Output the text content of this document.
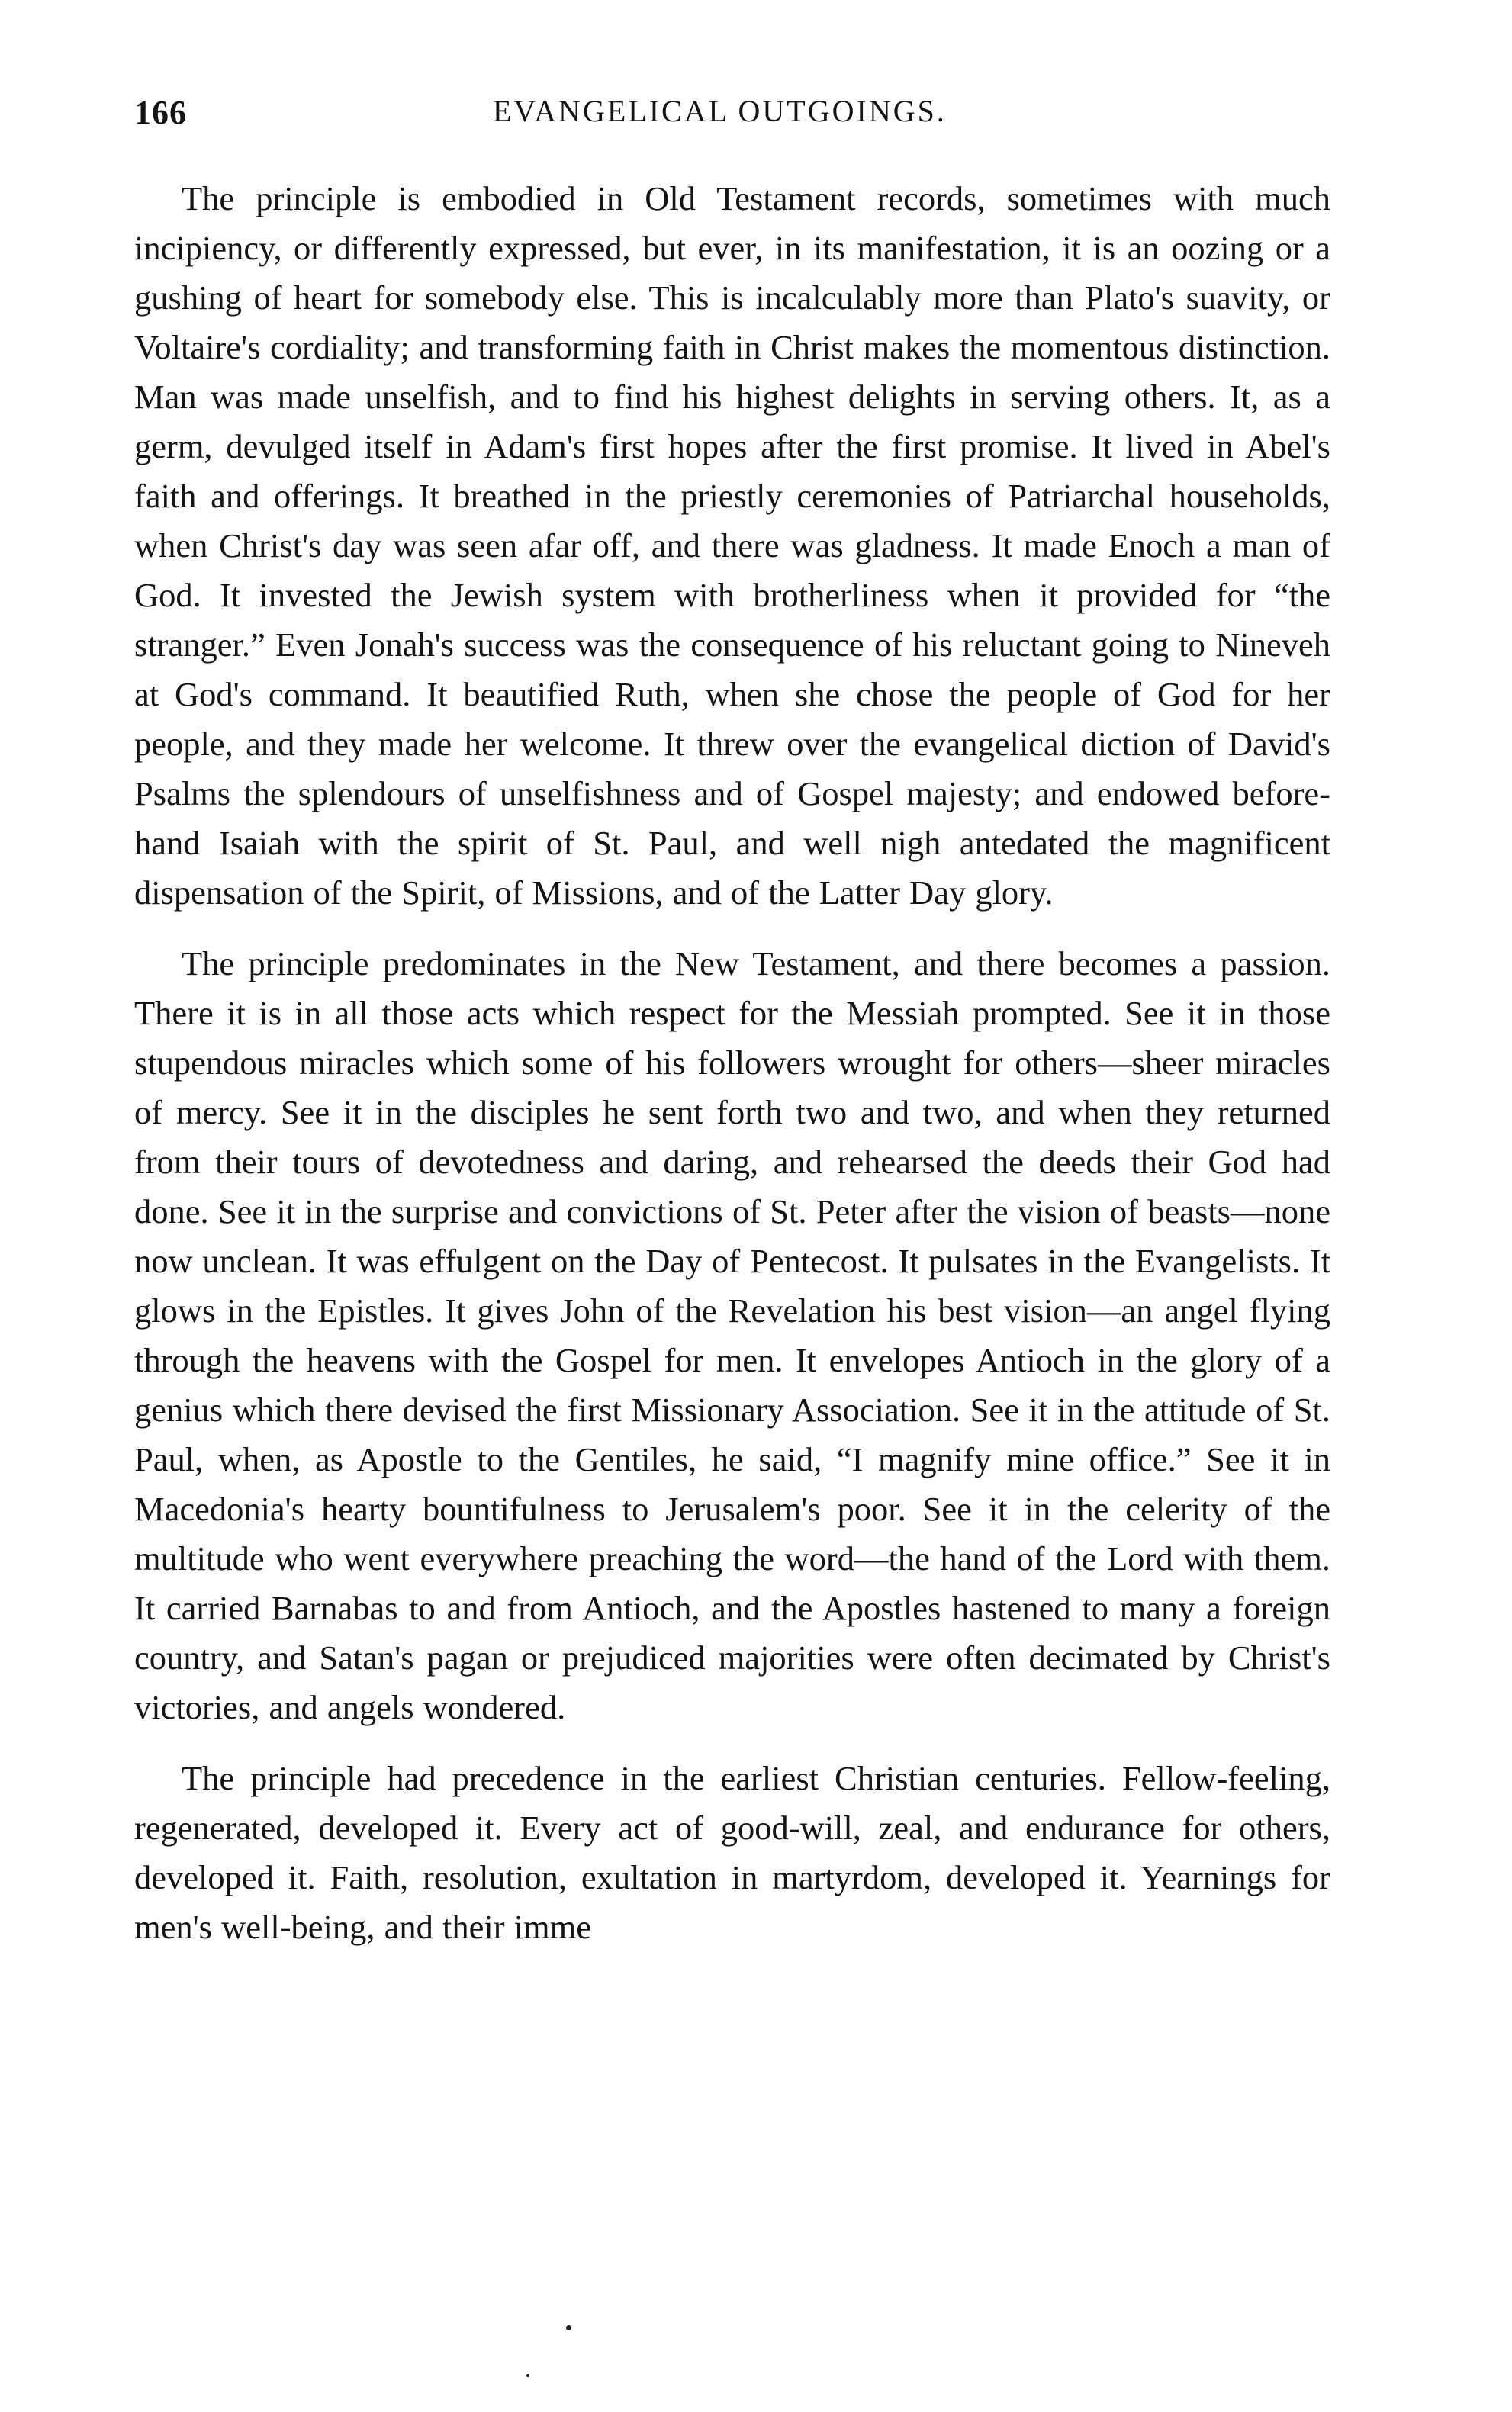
166	EVANGELICAL OUTGOINGS.

The principle is embodied in Old Testament records, sometimes with much incipiency, or differently expressed, but ever, in its manifestation, it is an oozing or a gushing of heart for somebody else. This is incalculably more than Plato's suavity, or Voltaire's cordiality; and transforming faith in Christ makes the momentous distinction. Man was made unselfish, and to find his highest delights in serving others. It, as a germ, devulged itself in Adam's first hopes after the first promise. It lived in Abel's faith and offerings. It breathed in the priestly ceremonies of Patriarchal households, when Christ's day was seen afar off, and there was gladness. It made Enoch a man of God. It invested the Jewish system with brotherliness when it provided for “the stranger.” Even Jonah's success was the consequence of his reluctant going to Nineveh at God's command. It beautified Ruth, when she chose the people of God for her people, and they made her welcome. It threw over the evangelical diction of David's Psalms the splendours of unselfishness and of Gospel majesty; and endowed before-hand Isaiah with the spirit of St. Paul, and well nigh antedated the magnificent dispensation of the Spirit, of Missions, and of the Latter Day glory.

The principle predominates in the New Testament, and there becomes a passion. There it is in all those acts which respect for the Messiah prompted. See it in those stupendous miracles which some of his followers wrought for others—sheer miracles of mercy. See it in the disciples he sent forth two and two, and when they returned from their tours of devotedness and daring, and rehearsed the deeds their God had done. See it in the surprise and convictions of St. Peter after the vision of beasts—none now unclean. It was effulgent on the Day of Pentecost. It pulsates in the Evangelists. It glows in the Epistles. It gives John of the Revelation his best vision—an angel flying through the heavens with the Gospel for men. It envelopes Antioch in the glory of a genius which there devised the first Missionary Association. See it in the attitude of St. Paul, when, as Apostle to the Gentiles, he said, “I magnify mine office.” See it in Macedonia's hearty bountifulness to Jerusalem's poor. See it in the celerity of the multitude who went everywhere preaching the word—the hand of the Lord with them. It carried Barnabas to and from Antioch, and the Apostles hastened to many a foreign country, and Satan's pagan or prejudiced majorities were often decimated by Christ's victories, and angels wondered.

The principle had precedence in the earliest Christian centuries. Fellow-feeling, regenerated, developed it. Every act of good-will, zeal, and endurance for others, developed it. Faith, resolution, exultation in martyrdom, developed it. Yearnings for men's well-being, and their imme
